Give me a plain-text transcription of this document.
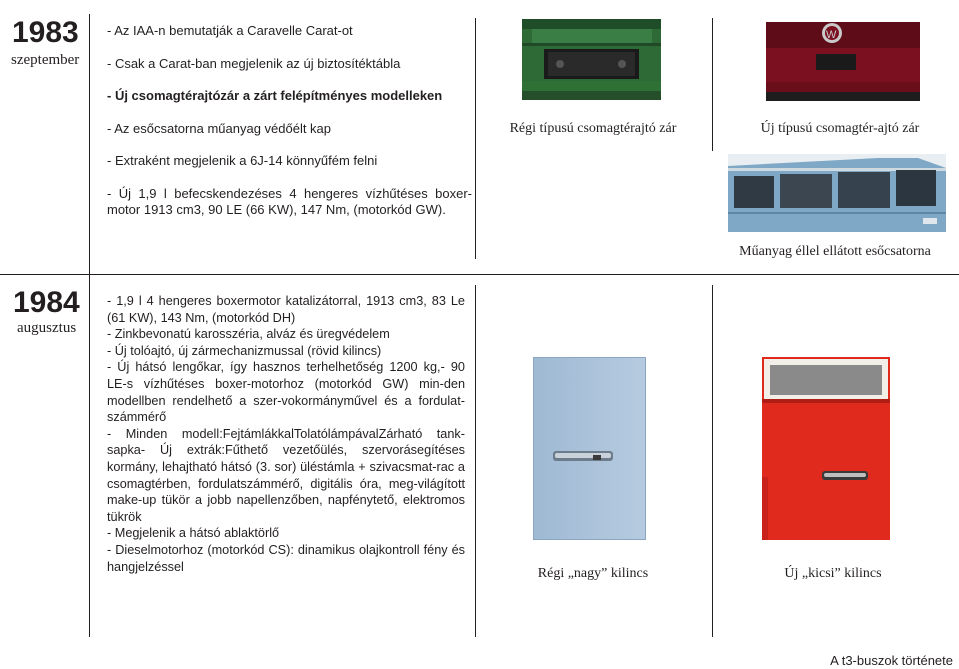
1983
szeptember
- Az IAA-n bemutatják a Caravelle Carat-ot
- Csak a Carat-ban megjelenik az új biztosítéktábla
- Új csomagtérajtózár a zárt felépítményes modelleken
- Az esőcsatorna műanyag védőélt kap
- Extraként megjelenik a 6J-14 könnyűfém felni
- Új 1,9 l befecskendezéses 4 hengeres vízhűtéses boxer-motor 1913 cm3, 90 LE (66 KW), 147 Nm, (motorkód GW).
Régi típusú csomagtérajtó zár
W
Új típusú csomagtér-ajtó zár
Műanyag éllel ellátott esőcsatorna
1984
augusztus
- 1,9 l 4 hengeres boxermotor katalizátorral, 1913 cm3, 83 Le (61 KW), 143 Nm, (motorkód DH)
- Zinkbevonatú karosszéria, alváz és üregvédelem
- Új tolóajtó, új zármechanizmussal (rövid kilincs)
- Új hátsó lengőkar, így hasznos terhelhetőség 1200 kg,- 90 LE-s vízhűtéses boxer-motorhoz (motorkód GW) min-den modellben rendelhető a szer-vokormányművel és a fordulat-számmérő
- Minden modell:FejtámlákkalTolatólámpávalZárható tank-sapka- Új extrák:Fűthető vezetőülés, szervorásegítéses kormány, lehajtható hátsó (3. sor) üléstámla + szivacsmat-rac a csomagtérben, fordulatszámmérő, digitális óra, meg-világított make-up tükör a jobb napellenzőben, napfénytető, elektromos tükrök
- Megjelenik a hátsó ablaktörlő
- Dieselmotorhoz (motorkód CS): dinamikus olajkontroll fény és hangjelzéssel	Régi „nagy” kilincs	Új „kicsi” kilincs
A t3-buszok története
